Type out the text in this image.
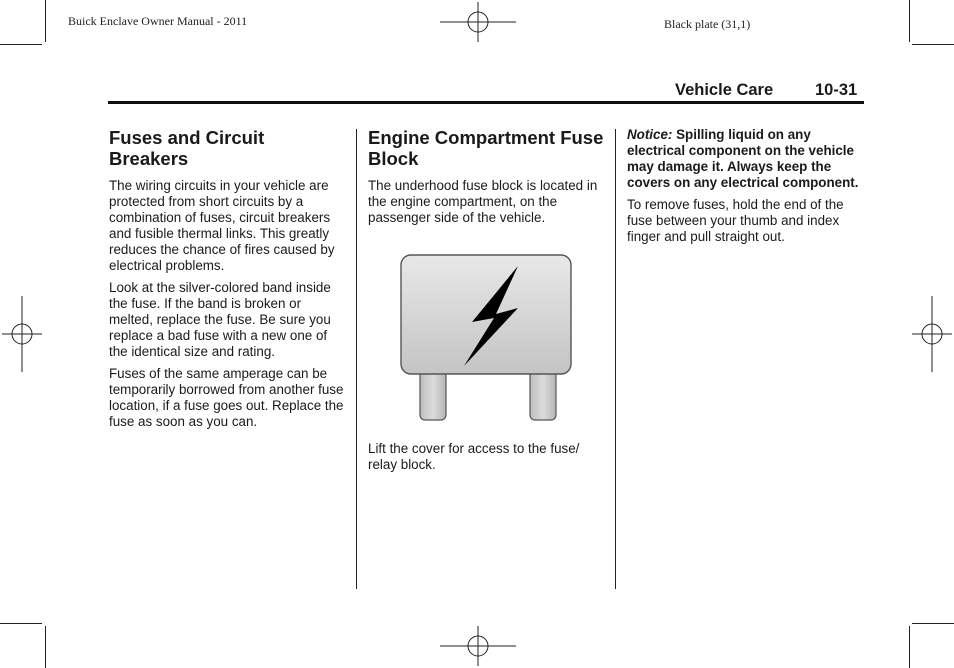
Buick Enclave Owner Manual - 2011	Black plate (31,1)
Vehicle Care	10-31
Fuses and Circuit Breakers

The wiring circuits in your vehicle are protected from short circuits by a combination of fuses, circuit breakers and fusible thermal links. This greatly reduces the chance of fires caused by electrical problems.

Look at the silver-colored band inside the fuse. If the band is broken or melted, replace the fuse. Be sure you replace a bad fuse with a new one of the identical size and rating.

Fuses of the same amperage can be temporarily borrowed from another fuse location, if a fuse goes out. Replace the fuse as soon as you can.

Engine Compartment Fuse Block

The underhood fuse block is located in the engine compartment, on the passenger side of the vehicle.

Lift the cover for access to the fuse/ relay block.

Notice: Spilling liquid on any electrical component on the vehicle may damage it. Always keep the covers on any electrical component.

To remove fuses, hold the end of the fuse between your thumb and index finger and pull straight out.
